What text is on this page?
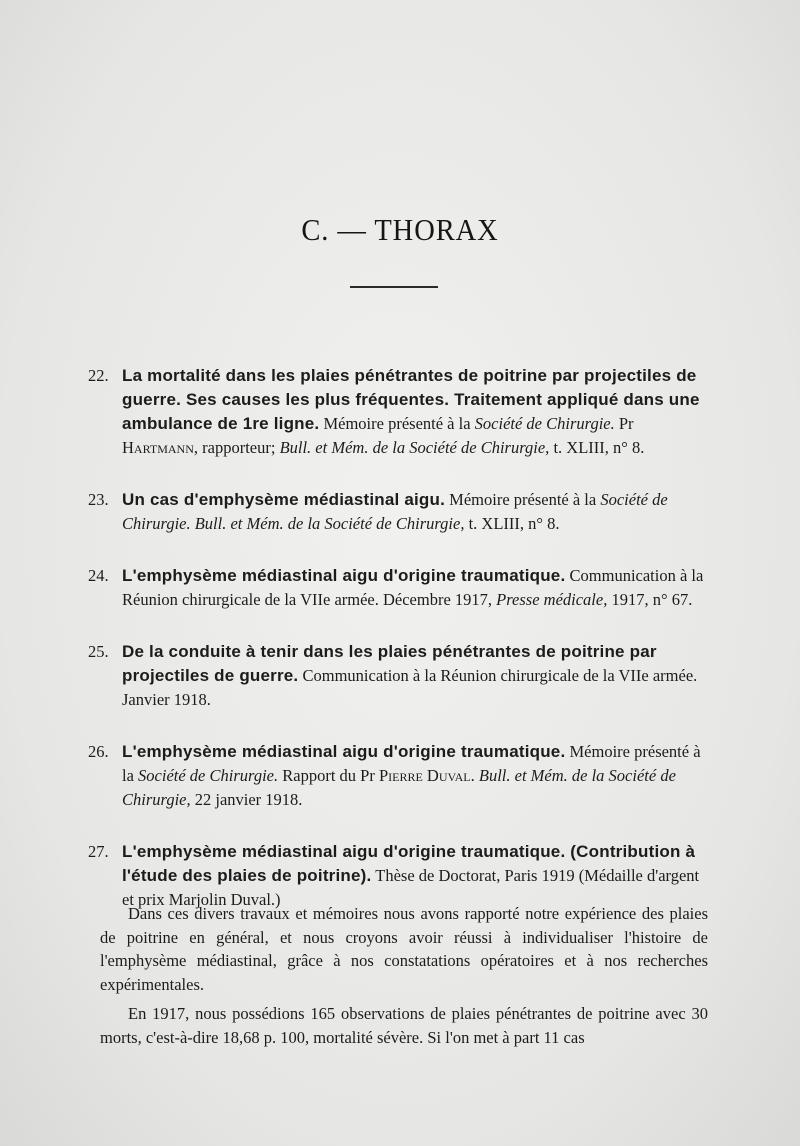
C. — THORAX
22. La mortalité dans les plaies pénétrantes de poitrine par projectiles de guerre. Ses causes les plus fréquentes. Traitement appliqué dans une ambulance de 1re ligne. Mémoire présenté à la Société de Chirurgie. Pr Hartmann, rapporteur; Bull. et Mém. de la Société de Chirurgie, t. XLIII, n° 8.
23. Un cas d'emphysème médiastinal aigu. Mémoire présenté à la Société de Chirurgie. Bull. et Mém. de la Société de Chirurgie, t. XLIII, n° 8.
24. L'emphysème médiastinal aigu d'origine traumatique. Communication à la Réunion chirurgicale de la VIIe armée. Décembre 1917, Presse médicale, 1917, n° 67.
25. De la conduite à tenir dans les plaies pénétrantes de poitrine par projectiles de guerre. Communication à la Réunion chirurgicale de la VIIe armée. Janvier 1918.
26. L'emphysème médiastinal aigu d'origine traumatique. Mémoire présenté à la Société de Chirurgie. Rapport du Pr Pierre Duval. Bull. et Mém. de la Société de Chirurgie, 22 janvier 1918.
27. L'emphysème médiastinal aigu d'origine traumatique. (Contribution à l'étude des plaies de poitrine). Thèse de Doctorat, Paris 1919 (Médaille d'argent et prix Marjolin Duval.)

Dans ces divers travaux et mémoires nous avons rapporté notre expérience des plaies de poitrine en général, et nous croyons avoir réussi à individualiser l'histoire de l'emphysème médiastinal, grâce à nos constatations opératoires et à nos recherches expérimentales.

En 1917, nous possédions 165 observations de plaies pénétrantes de poitrine avec 30 morts, c'est-à-dire 18,68 p. 100, mortalité sévère. Si l'on met à part 11 cas
